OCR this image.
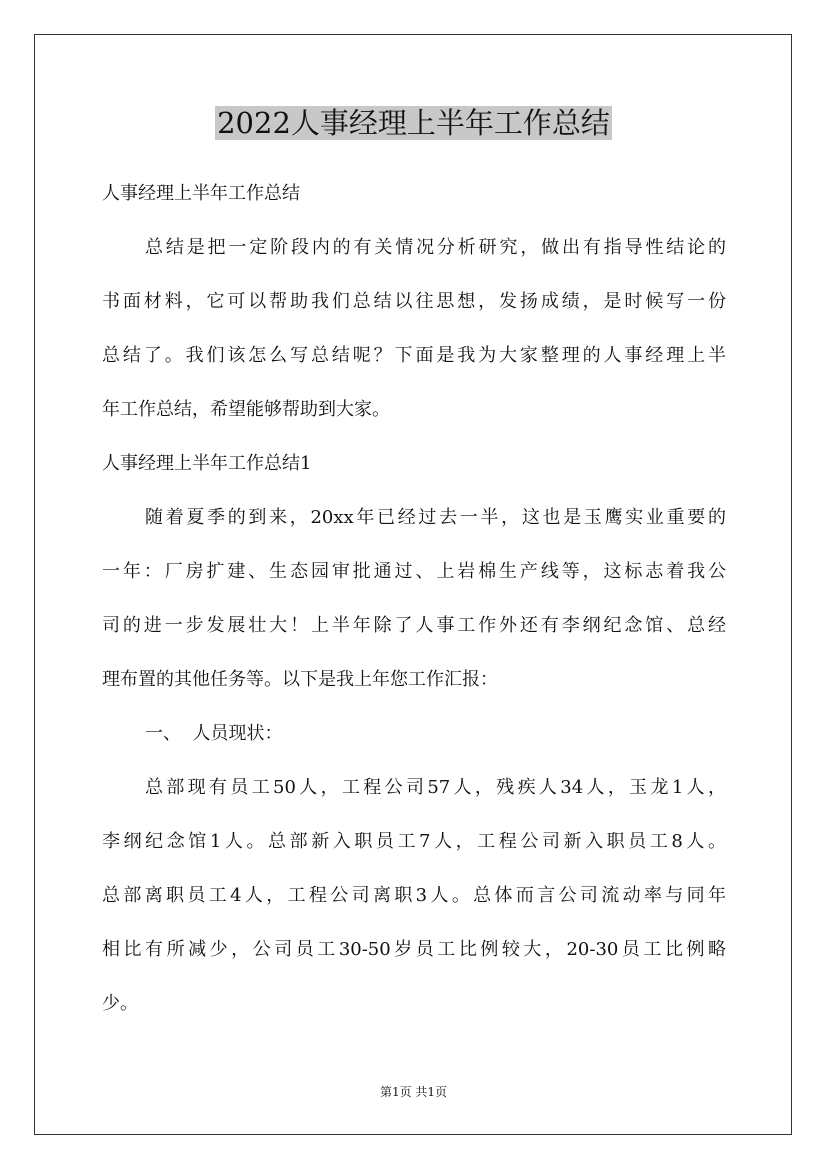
2022人事经理上半年工作总结
人事经理上半年工作总结
总结是把一定阶段内的有关情况分析研究，做出有指导性结论的
书面材料，它可以帮助我们总结以往思想，发扬成绩，是时候写一份
总结了。我们该怎么写总结呢？下面是我为大家整理的人事经理上半
年工作总结，希望能够帮助到大家。
人事经理上半年工作总结1
随着夏季的到来，20xx年已经过去一半，这也是玉鹰实业重要的
一年：厂房扩建、生态园审批通过、上岩棉生产线等，这标志着我公
司的进一步发展壮大！上半年除了人事工作外还有李纲纪念馆、总经
理布置的其他任务等。以下是我上年您工作汇报：
一、  人员现状：
总部现有员工50人，工程公司57人，残疾人34人，玉龙1人，
李纲纪念馆1人。总部新入职员工7人，工程公司新入职员工8人。
总部离职员工4人，工程公司离职3人。总体而言公司流动率与同年
相比有所减少，公司员工30-50岁员工比例较大，20-30员工比例略
少。
第1页 共1页
